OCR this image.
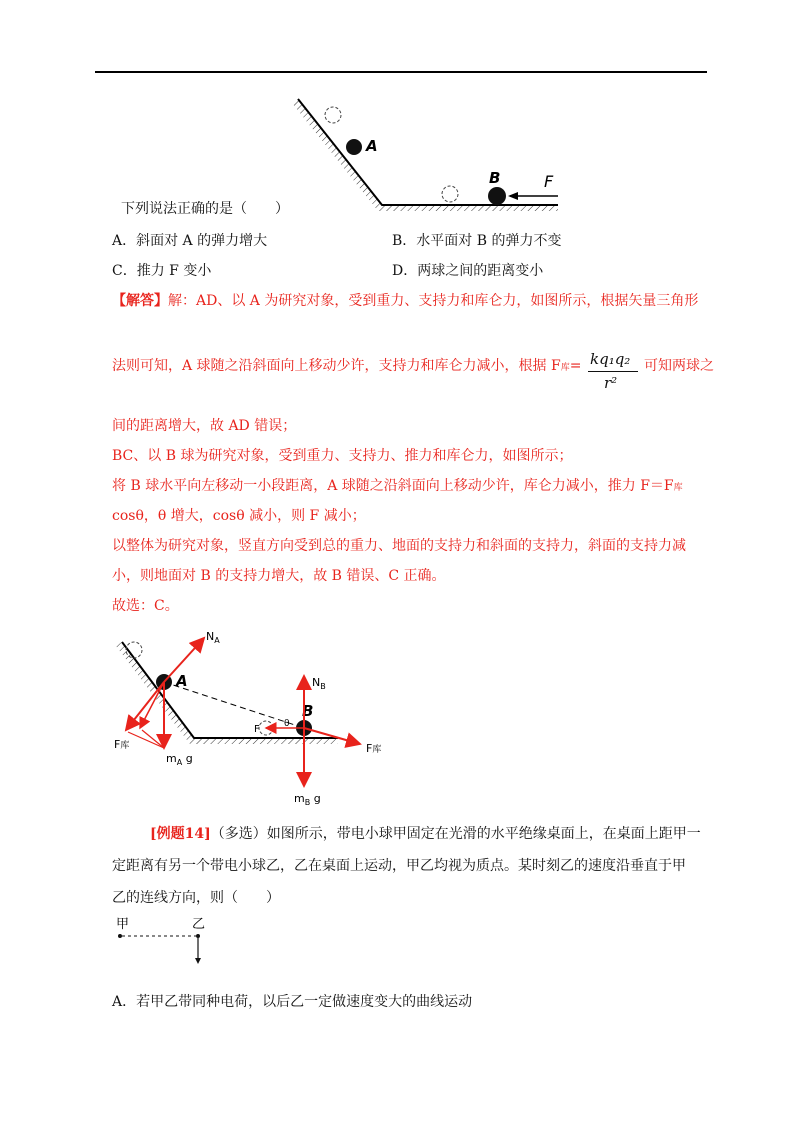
A
B	F
下列说法正确的是（　　）
A．斜面对 A 的弹力增大	B．水平面对 B 的弹力不变
C．推力 F 变小	D．两球之间的距离变小
【解答】解：AD、以 A 为研究对象，受到重力、支持力和库仑力，如图所示，根据矢量三角形
法则可知，A 球随之沿斜面向上移动少许，支持力和库仑力减小，根据 F库= kq₁q₂
r²
可知两球之
间的距离增大，故 AD 错误；
BC、以 B 球为研究对象，受到重力、支持力、推力和库仑力，如图所示；
将 B 球水平向左移动一小段距离，A 球随之沿斜面向上移动少许，库仑力减小，推力 F＝F库
cosθ，θ 增大，cosθ 减小，则 F 减小；
以整体为研究对象，竖直方向受到总的重力、地面的支持力和斜面的支持力，斜面的支持力减
小，则地面对 B 的支持力增大，故 B 错误、C 正确。
故选：C。
A
B
$N_A$
F库
$m_A$ g
$N_B$
$m_B$ g
F库
F	θ
[例题14]（多选）如图所示，带电小球甲固定在光滑的水平绝缘桌面上，在桌面上距甲一
定距离有另一个带电小球乙，乙在桌面上运动，甲乙均视为质点。某时刻乙的速度沿垂直于甲
乙的连线方向，则（　　）
甲	乙
A．若甲乙带同种电荷，以后乙一定做速度变大的曲线运动
